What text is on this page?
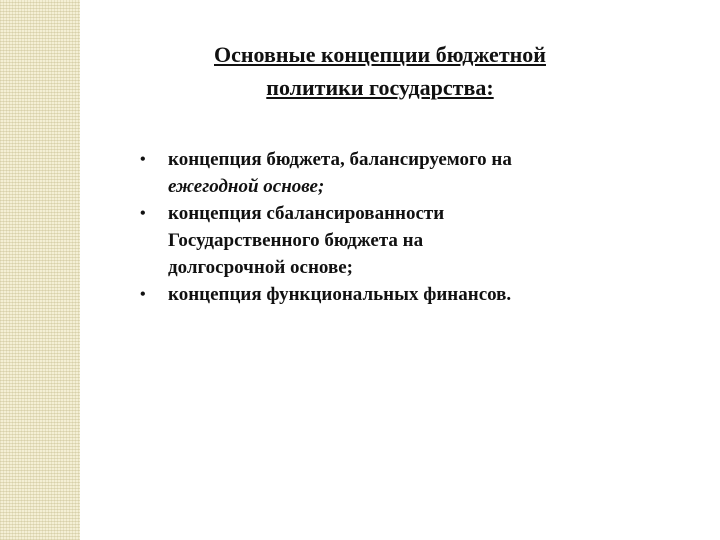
Основные концепции бюджетной
политики государства:
• концепция бюджета, балансируемого на
ежегодной основе;
• концепция сбалансированности
Государственного бюджета на
долгосрочной основе;
• концепция функциональных финансов.
